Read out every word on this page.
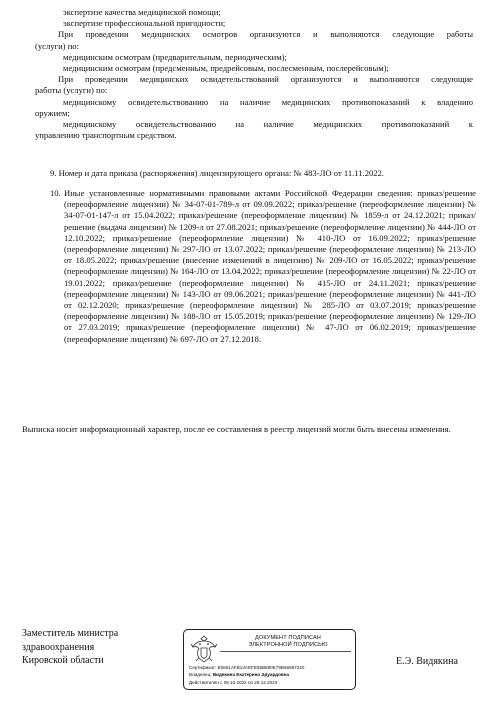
экспертизе качества медицинской помощи;
экспертизе профессиональной пригодности;
При проведении медицинских осмотров организуются и выполняются следующие работы
(услуги) по:
медицинским осмотрам (предварительным, периодическим);
медицинским осмотрам (предсменным, предрейсовым, послесменным, послерейсовым);
При проведении медицинских освидетельствований организуются и выполняются следующие
работы (услуги) по:
медицинскому освидетельствованию на наличие медицинских противопоказаний к владению
оружием;
медицинскому освидетельствованию на наличие медицинских противопоказаний к
управлению транспортным средством.
9. Номер и дата приказа (распоряжения) лицензирующего органа: № 483-ЛО от 11.11.2022.
10. Иные установленные нормативными правовыми актами Российской Федерации сведения: приказ/решение (переоформление лицензии) № 34-07-01-789-л от 09.09.2022; приказ/решение (переоформление лицензии) № 34-07-01-147-л от 15.04.2022; приказ/решение (переоформление лицензии) № 1859-л от 24.12.2021; приказ/решение (выдача лицензии) № 1209-л от 27.08.2021; приказ/решение (переоформление лицензии) № 444-ЛО от 12.10.2022; приказ/решение (переоформление лицензии) № 410-ЛО от 16.09.2022; приказ/решение (переоформление лицензии) № 297-ЛО от 13.07.2022; приказ/решение (переоформление лицензии) № 213-ЛО от 18.05.2022; приказ/решение (внесение изменений в лицензию) № 209-ЛО от 16.05.2022; приказ/решение (переоформление лицензии) № 164-ЛО от 13.04.2022; приказ/решение (переоформление лицензии) № 22-ЛО от 19.01.2022; приказ/решение (переоформление лицензии) № 415-ЛО от 24.11.2021; приказ/решение (переоформление лицензии) № 143-ЛО от 09.06.2021; приказ/решение (переоформление лицензии) № 441-ЛО от 02.12.2020; приказ/решение (переоформление лицензии) № 285-ЛО от 03.07.2019; приказ/решение (переоформление лицензии) № 188-ЛО от 15.05.2019; приказ/решение (переоформление лицензии) № 129-ЛО от 27.03.2019; приказ/решение (переоформление лицензии) № 47-ЛО от 06.02.2019; приказ/решение (переоформление лицензии) № 697-ЛО от 27.12.2018.
Выписка носит информационный характер, после ее составления в реестр лицензий могли быть внесены изменения.
Заместитель министра
здравоохранения
Кировской области
ДОКУМЕНТ ПОДПИСАН
ЭЛЕКТРОННОЙ ПОДПИСЬЮ
Сертификат: E0661AFB13AEFE55B680E79B66597240
Владелец: Видякина Екатерина Эдуардовна
Действителен с 05.10.2022 по 29.12.2023
Е.Э. Видякина
